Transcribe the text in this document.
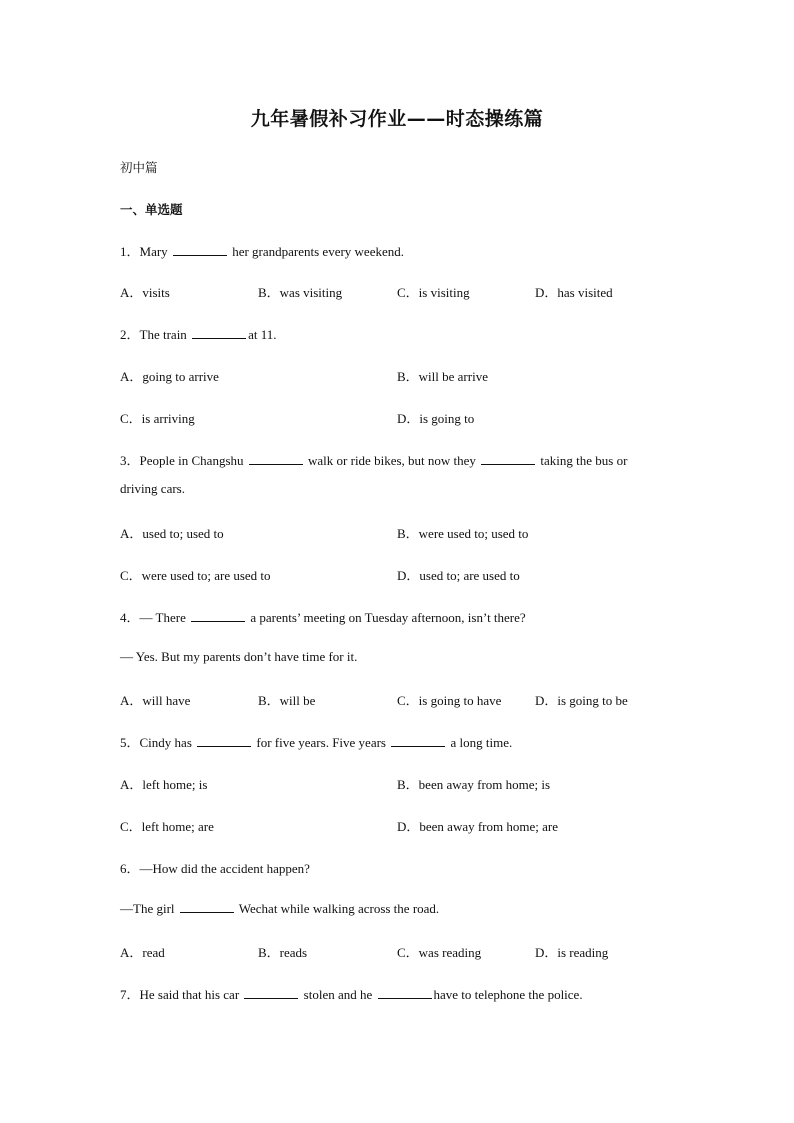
九年暑假补习作业——时态操练篇
初中篇
一、单选题
1．Mary	her grandparents every weekend.
A．visits	B．was visiting	C．is visiting	D．has visited
2．The train	at 11.
A．going to arrive	B．will be arrive
C．is arriving	D．is going to
3．People in Changshu	walk or ride bikes, but now they	taking the bus or
driving cars.
A．used to; used to	B．were used to; used to
C．were used to; are used to	D．used to; are used to
4．— There	a parents’ meeting on Tuesday afternoon, isn’t there?
— Yes. But my parents don’t have time for it.
A．will have	B．will be	C．is going to have	D．is going to be
5．Cindy has	for five years. Five years	a long time.
A．left home; is	B．been away from home; is
C．left home; are	D．been away from home; are
6．—How did the accident happen?
—The girl	Wechat while walking across the road.
A．read	B．reads	C．was reading	D．is reading
7．He said that his car	stolen and he	have to telephone the police.
